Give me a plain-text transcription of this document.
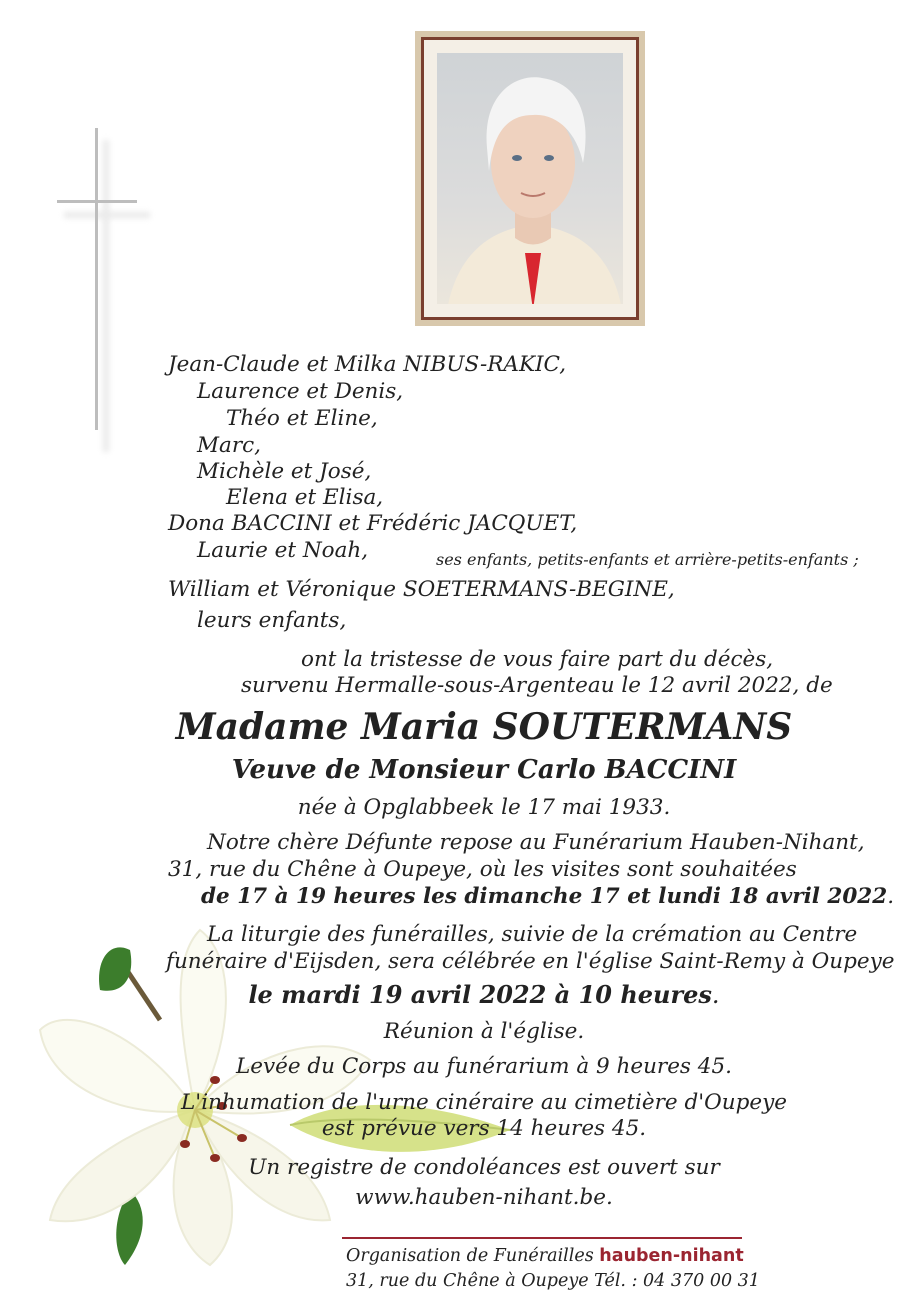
Jean-Claude et Milka NIBUS-RAKIC,
Laurence et Denis,
Théo et Eline,
Marc,
Michèle et José,
Elena et Elisa,
Dona BACCINI et Frédéric JACQUET,
Laurie et Noah,	ses enfants, petits-enfants et arrière-petits-enfants ;
William et Véronique SOETERMANS-BEGINE,
leurs enfants,
ont la tristesse de vous faire part du décès,
survenu Hermalle-sous-Argenteau le 12 avril 2022, de
Madame Maria SOUTERMANS
Veuve de Monsieur Carlo BACCINI
née à Opglabbeek le 17 mai 1933.
Notre chère Défunte repose au Funérarium Hauben-Nihant,
31, rue du Chêne à Oupeye, où les visites sont souhaitées
de 17 à 19 heures les dimanche 17 et lundi 18 avril 2022.
La liturgie des funérailles, suivie de la crémation au Centre
funéraire d'Eijsden, sera célébrée en l'église Saint-Remy à Oupeye
le mardi 19 avril 2022 à 10 heures.
Réunion à l'église.
Levée du Corps au funérarium à 9 heures 45.
L'inhumation de l'urne cinéraire au cimetière d'Oupeye
est prévue vers 14 heures 45.
Un registre de condoléances est ouvert sur
www.hauben-nihant.be.
Organisation de Funérailles hauben-nihant
31, rue du Chêne à Oupeye Tél. : 04 370 00 31
